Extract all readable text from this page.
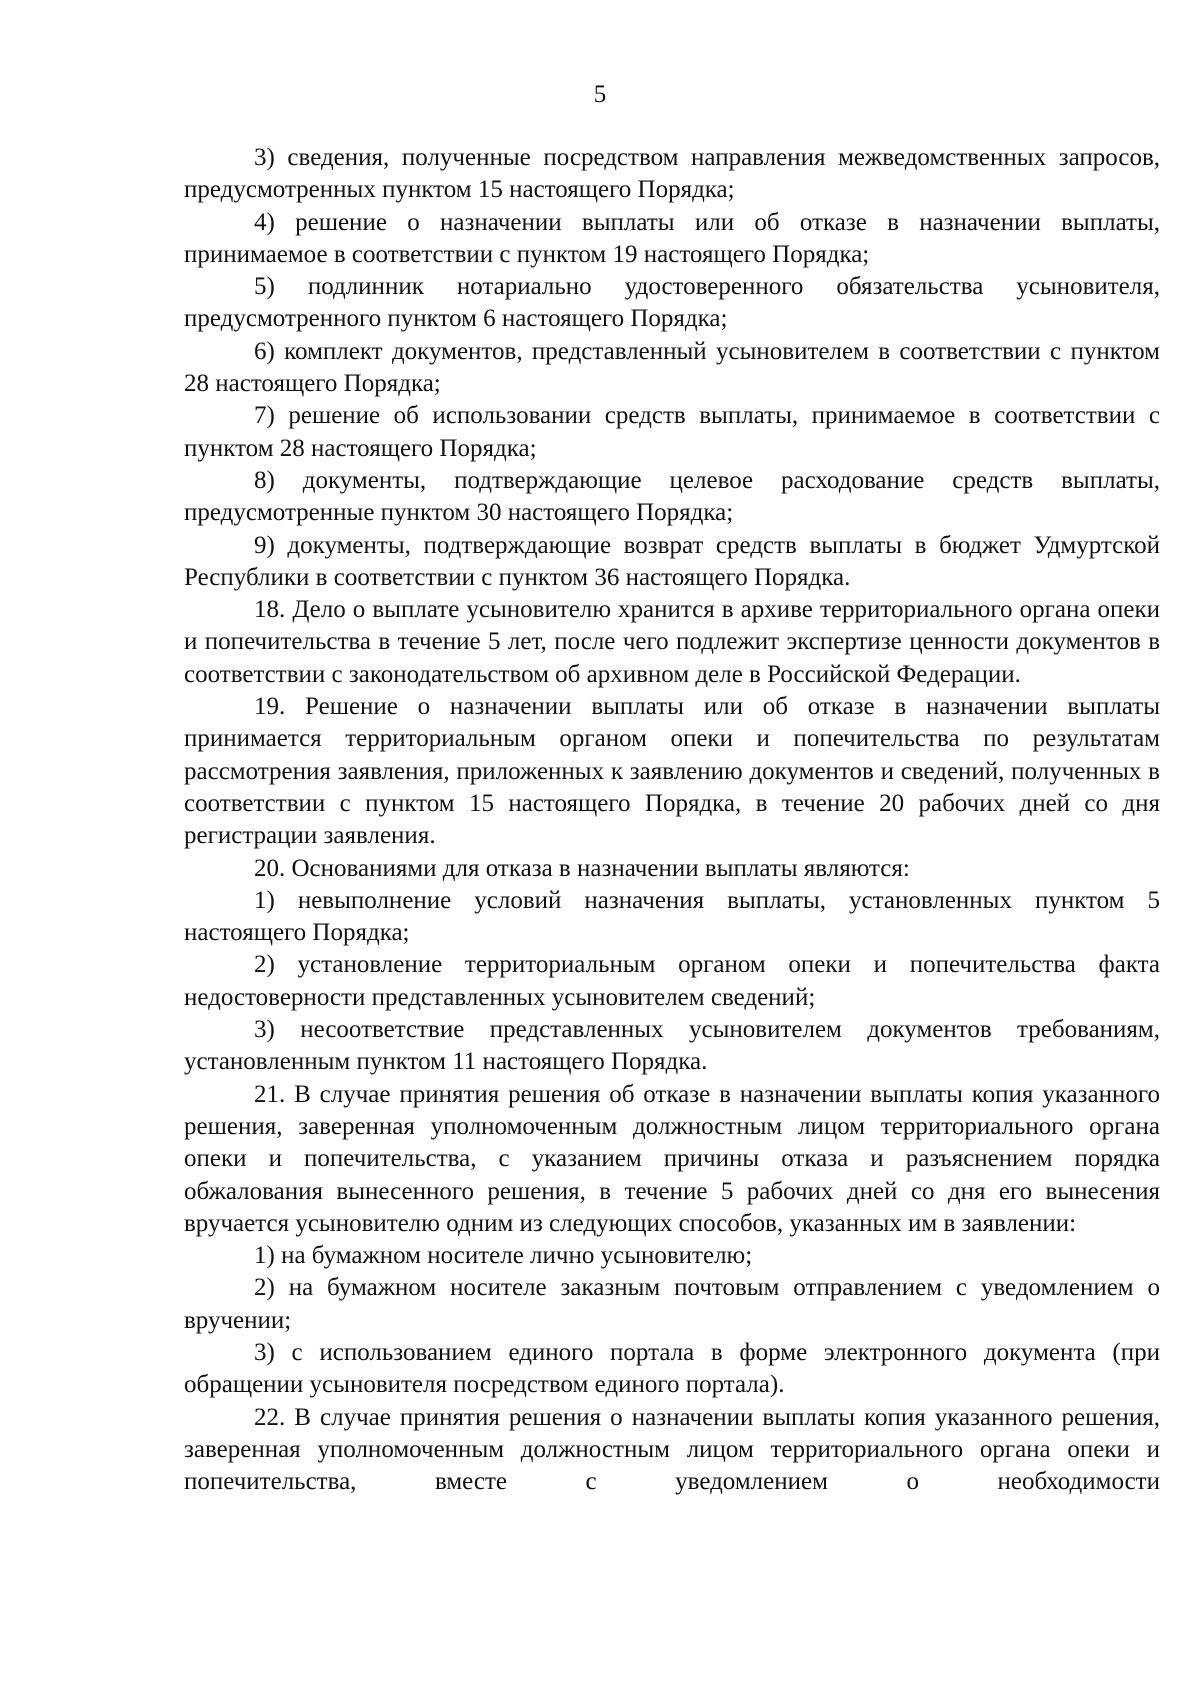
5

3) сведения, полученные посредством направления межведомственных запросов, предусмотренных пунктом 15 настоящего Порядка;

4) решение о назначении выплаты или об отказе в назначении выплаты, принимаемое в соответствии с пунктом 19 настоящего Порядка;

5) подлинник нотариально удостоверенного обязательства усыновителя, предусмотренного пунктом 6 настоящего Порядка;

6) комплект документов, представленный усыновителем в соответствии с пунктом 28 настоящего Порядка;

7) решение об использовании средств выплаты, принимаемое в соответствии с пунктом 28 настоящего Порядка;

8) документы, подтверждающие целевое расходование средств выплаты, предусмотренные пунктом 30 настоящего Порядка;

9) документы, подтверждающие возврат средств выплаты в бюджет Удмуртской Республики в соответствии с пунктом 36 настоящего Порядка.

18. Дело о выплате усыновителю хранится в архиве территориального органа опеки и попечительства в течение 5 лет, после чего подлежит экспертизе ценности документов в соответствии с законодательством об архивном деле в Российской Федерации.

19. Решение о назначении выплаты или об отказе в назначении выплаты принимается территориальным органом опеки и попечительства по результатам рассмотрения заявления, приложенных к заявлению документов и сведений, полученных в соответствии с пунктом 15 настоящего Порядка, в течение 20 рабочих дней со дня регистрации заявления.

20. Основаниями для отказа в назначении выплаты являются:

1) невыполнение условий назначения выплаты, установленных пунктом 5 настоящего Порядка;

2) установление территориальным органом опеки и попечительства факта недостоверности представленных усыновителем сведений;

3) несоответствие представленных усыновителем документов требованиям, установленным пунктом 11 настоящего Порядка.

21. В случае принятия решения об отказе в назначении выплаты копия указанного решения, заверенная уполномоченным должностным лицом территориального органа опеки и попечительства, с указанием причины отказа и разъяснением порядка обжалования вынесенного решения, в течение 5 рабочих дней со дня его вынесения вручается усыновителю одним из следующих способов, указанных им в заявлении:

1) на бумажном носителе лично усыновителю;

2) на бумажном носителе заказным почтовым отправлением с уведомлением о вручении;

3) с использованием единого портала в форме электронного документа (при обращении усыновителя посредством единого портала).

22. В случае принятия решения о назначении выплаты копия указанного решения, заверенная уполномоченным должностным лицом территориального органа опеки и попечительства, вместе с уведомлением о необходимости
